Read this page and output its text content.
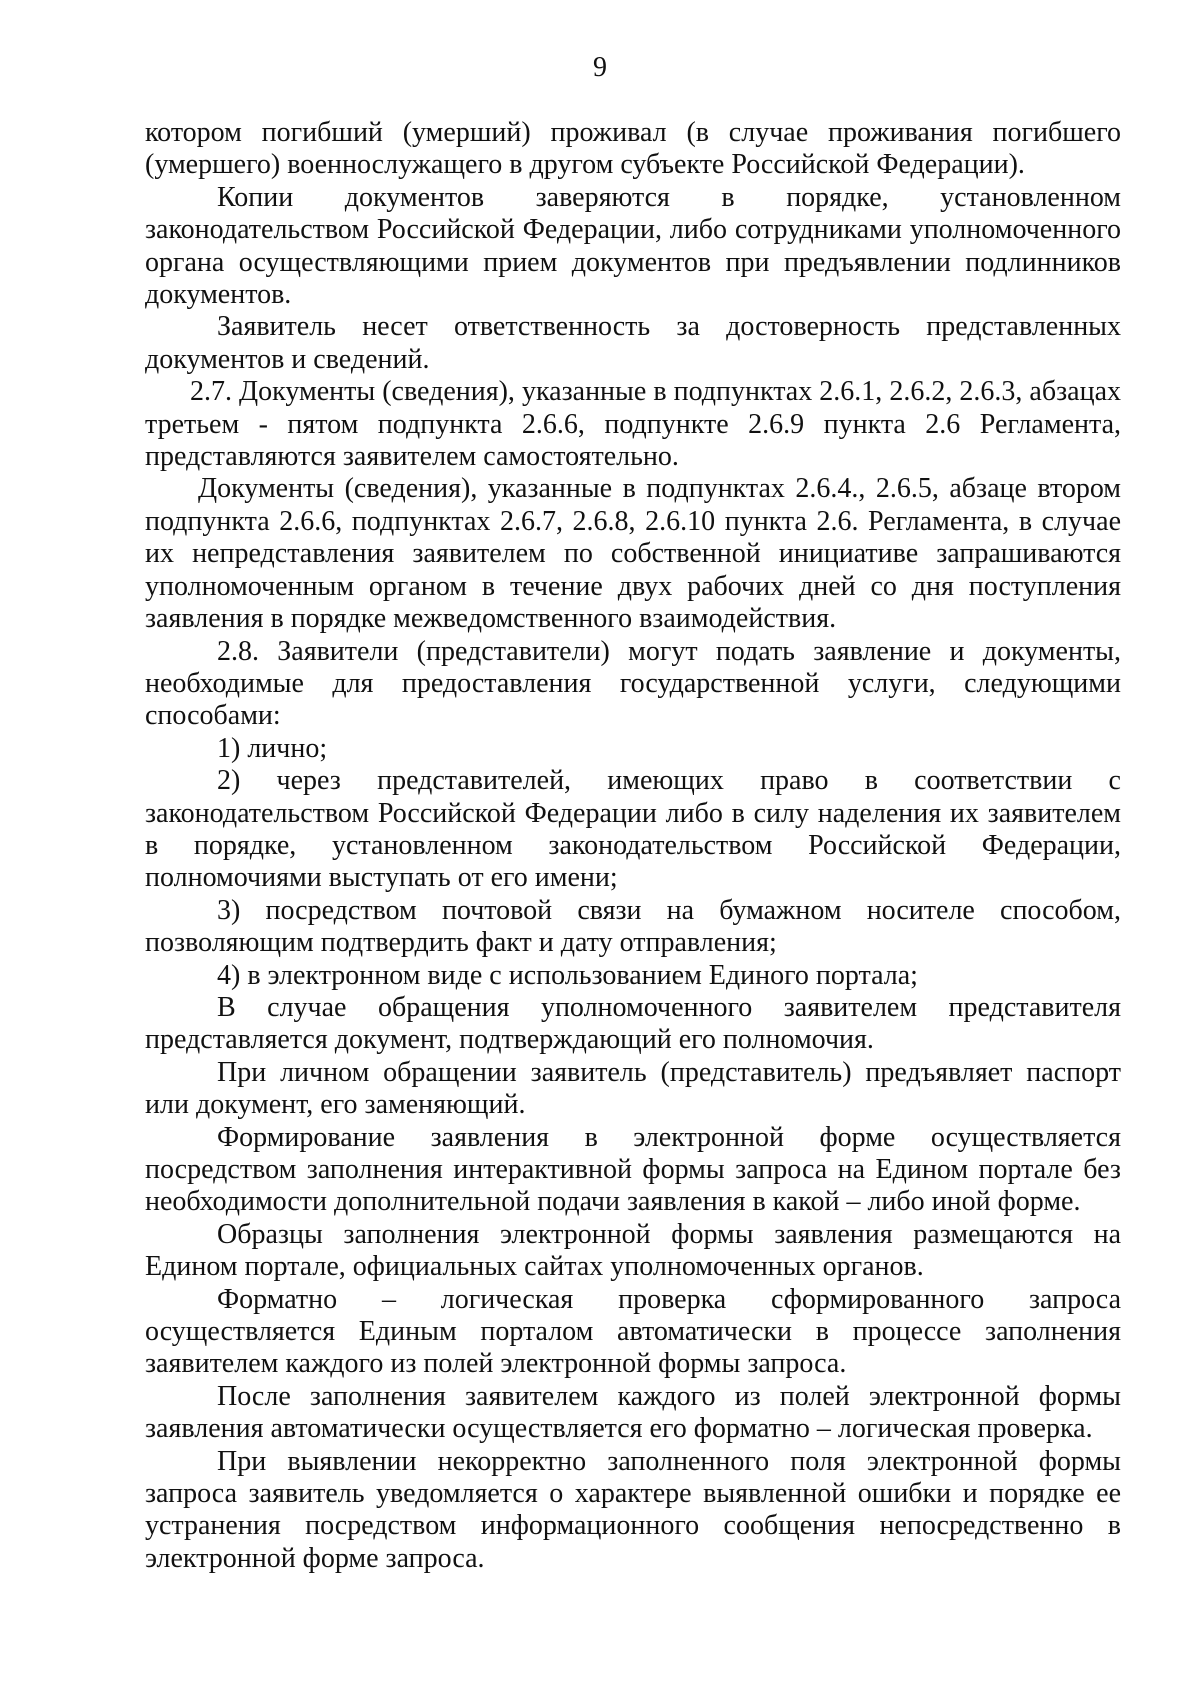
9

котором погибший (умерший) проживал (в случае проживания погибшего (умершего) военнослужащего в другом субъекте Российской Федерации).

Копии документов заверяются в порядке, установленном законодательством Российской Федерации, либо сотрудниками уполномоченного органа осуществляющими прием документов при предъявлении подлинников документов.

Заявитель несет ответственность за достоверность представленных документов и сведений.

2.7. Документы (сведения), указанные в подпунктах 2.6.1, 2.6.2, 2.6.3, абзацах третьем - пятом подпункта 2.6.6, подпункте 2.6.9 пункта 2.6 Регламента, представляются заявителем самостоятельно.

Документы (сведения), указанные в подпунктах 2.6.4., 2.6.5, абзаце втором подпункта 2.6.6, подпунктах 2.6.7, 2.6.8, 2.6.10 пункта 2.6. Регламента, в случае их непредставления заявителем по собственной инициативе запрашиваются уполномоченным органом в течение двух рабочих дней со дня поступления заявления в порядке межведомственного взаимодействия.

2.8. Заявители (представители) могут подать заявление и документы, необходимые для предоставления государственной услуги, следующими способами:

1) лично;

2) через представителей, имеющих право в соответствии с законодательством Российской Федерации либо в силу наделения их заявителем в порядке, установленном законодательством Российской Федерации, полномочиями выступать от его имени;

3) посредством почтовой связи на бумажном носителе способом, позволяющим подтвердить факт и дату отправления;

4) в электронном виде с использованием Единого портала;

В случае обращения уполномоченного заявителем представителя представляется документ, подтверждающий его полномочия.

При личном обращении заявитель (представитель) предъявляет паспорт или документ, его заменяющий.

Формирование заявления в электронной форме осуществляется посредством заполнения интерактивной формы запроса на Едином портале без необходимости дополнительной подачи заявления в какой – либо иной форме.

Образцы заполнения электронной формы заявления размещаются на Едином портале, официальных сайтах уполномоченных органов.

Форматно – логическая проверка сформированного запроса осуществляется Единым порталом автоматически в процессе заполнения заявителем каждого из полей электронной формы запроса.

После заполнения заявителем каждого из полей электронной формы заявления автоматически осуществляется его форматно – логическая проверка.

При выявлении некорректно заполненного поля электронной формы запроса заявитель уведомляется о характере выявленной ошибки и порядке ее устранения посредством информационного сообщения непосредственно в электронной форме запроса.
